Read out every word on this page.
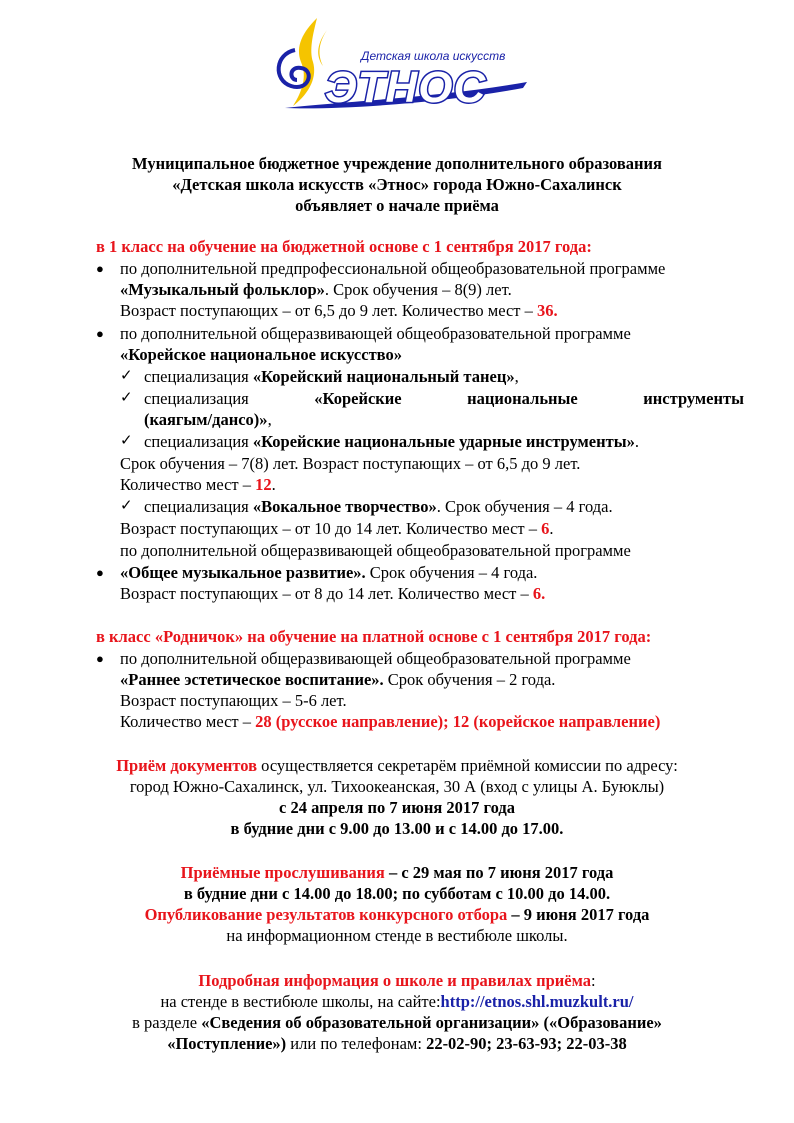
Детская школа искусств
ЭТНОС
Муниципальное бюджетное учреждение дополнительного образования
«Детская школа искусств «Этнос» города Южно-Сахалинск
объявляет о начале приёма
в 1 класс на обучение на бюджетной основе с 1 сентября 2017 года:
● по дополнительной предпрофессиональной общеобразовательной программе
«Музыкальный фольклор». Срок обучения – 8(9) лет.
Возраст поступающих – от 6,5 до 9 лет. Количество мест – 36.
● по дополнительной общеразвивающей общеобразовательной программе
«Корейское национальное искусство»
✓ специализация «Корейский национальный танец»,
✓ специализация	«Корейские	национальные	инструменты
(каягым/дансо)»,
✓ специализация «Корейские национальные ударные инструменты».
Срок обучения – 7(8) лет. Возраст поступающих – от 6,5 до 9 лет.
Количество мест – 12.
✓ специализация «Вокальное творчество». Срок обучения – 4 года.
Возраст поступающих – от 10 до 14 лет. Количество мест – 6.
по дополнительной общеразвивающей общеобразовательной программе
● «Общее музыкальное развитие». Срок обучения – 4 года.
Возраст поступающих – от 8 до 14 лет. Количество мест – 6.
в класс «Родничок» на обучение на платной основе с 1 сентября 2017 года:
● по дополнительной общеразвивающей общеобразовательной программе
«Раннее эстетическое воспитание». Срок обучения – 2 года.
Возраст поступающих – 5-6 лет.
Количество мест – 28 (русское направление); 12 (корейское направление)
Приём документов осуществляется секретарём приёмной комиссии по адресу:
город Южно-Сахалинск, ул. Тихоокеанская, 30 А (вход с улицы А. Буюклы)
с 24 апреля по 7 июня 2017 года
в будние дни с 9.00 до 13.00 и с 14.00 до 17.00.
Приёмные прослушивания – с 29 мая по 7 июня 2017 года
в будние дни с 14.00 до 18.00; по субботам с 10.00 до 14.00.
Опубликование результатов конкурсного отбора – 9 июня 2017 года
на информационном стенде в вестибюле школы.
Подробная информация о школе и правилах приёма:
на стенде в вестибюле школы, на сайте:http://etnos.shl.muzkult.ru/
в разделе «Сведения об образовательной организации» («Образование»
«Поступление») или по телефонам: 22-02-90; 23-63-93; 22-03-38
